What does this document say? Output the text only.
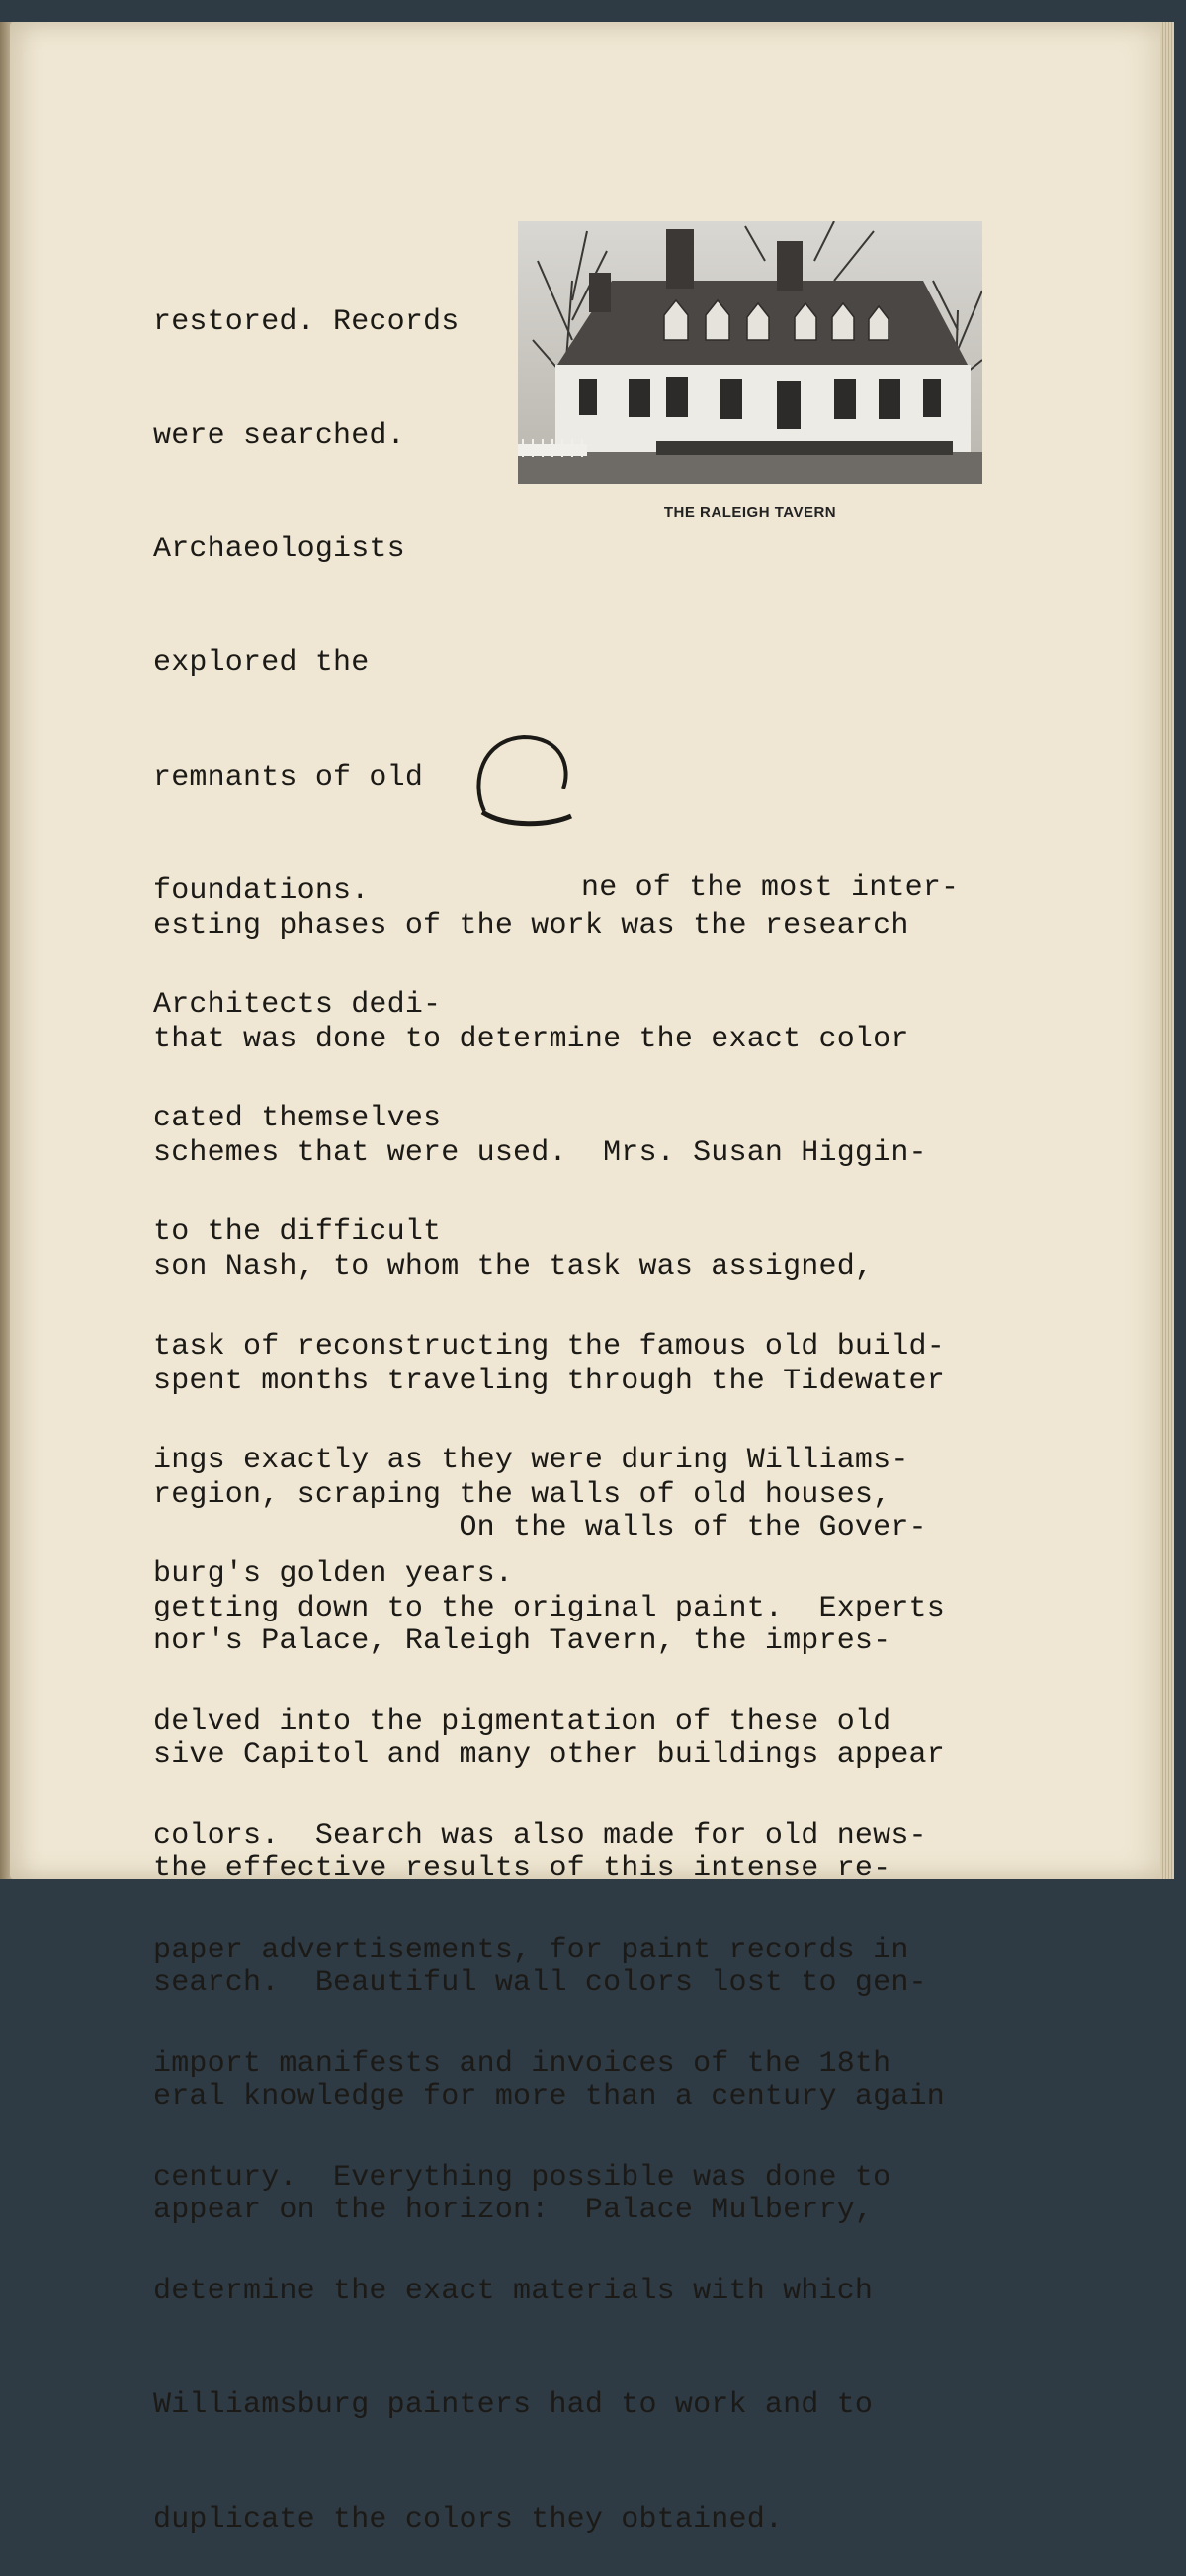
restored. Records

were searched.

Archaeologists

explored the

remnants of old

foundations.

Architects dedi-

cated themselves

to the difficult

task of reconstructing the famous old build-

ings exactly as they were during Williams-

burg's golden years.

THE RALEIGH TAVERN

ne of the most inter-

esting phases of the work was the research

that was done to determine the exact color

schemes that were used.  Mrs. Susan Higgin-

son Nash, to whom the task was assigned,

spent months traveling through the Tidewater

region, scraping the walls of old houses,

getting down to the original paint.  Experts

delved into the pigmentation of these old

colors.  Search was also made for old news-

paper advertisements, for paint records in

import manifests and invoices of the 18th

century.  Everything possible was done to

determine the exact materials with which

Williamsburg painters had to work and to

duplicate the colors they obtained.

On the walls of the Gover-

nor's Palace, Raleigh Tavern, the impres-

sive Capitol and many other buildings appear

the effective results of this intense re-

search.  Beautiful wall colors lost to gen-

eral knowledge for more than a century again

appear on the horizon:  Palace Mulberry,
